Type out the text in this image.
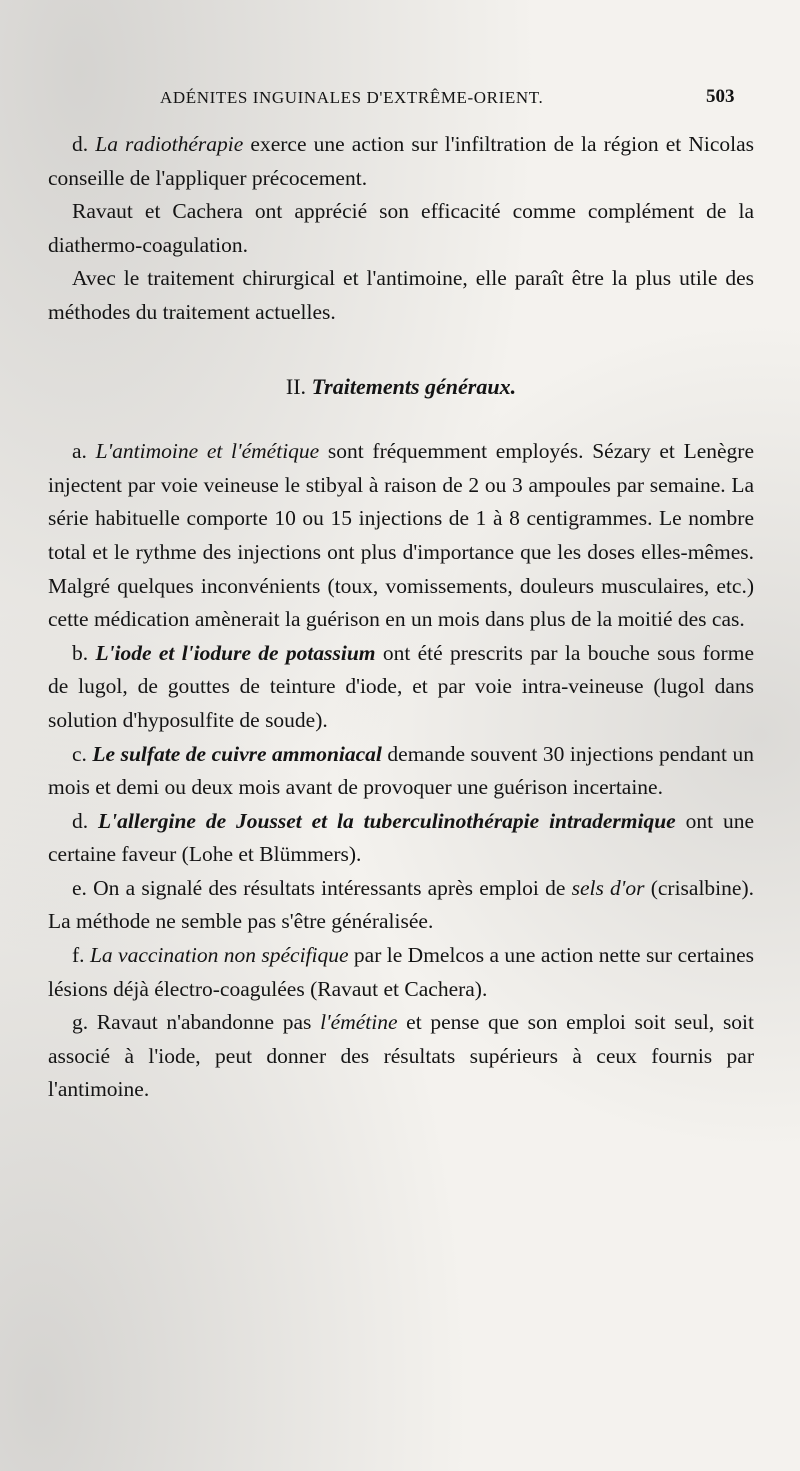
ADÉNITES INGUINALES D'EXTRÊME-ORIENT.	503

d. La radiothérapie exerce une action sur l'infiltration de la région et Nicolas conseille de l'appliquer précocement.

Ravaut et Cachera ont apprécié son efficacité comme complément de la diathermo-coagulation.

Avec le traitement chirurgical et l'antimoine, elle paraît être la plus utile des méthodes du traitement actuelles.

II. Traitements généraux.

a. L'antimoine et l'émétique sont fréquemment employés. Sézary et Lenègre injectent par voie veineuse le stibyal à raison de 2 ou 3 ampoules par semaine. La série habituelle comporte 10 ou 15 injections de 1 à 8 centigrammes. Le nombre total et le rythme des injections ont plus d'importance que les doses elles-mêmes. Malgré quelques inconvénients (toux, vomissements, douleurs musculaires, etc.) cette médication amènerait la guérison en un mois dans plus de la moitié des cas.

b. L'iode et l'iodure de potassium ont été prescrits par la bouche sous forme de lugol, de gouttes de teinture d'iode, et par voie intra-veineuse (lugol dans solution d'hyposulfite de soude).

c. Le sulfate de cuivre ammoniacal demande souvent 30 injections pendant un mois et demi ou deux mois avant de provoquer une guérison incertaine.

d. L'allergine de Jousset et la tuberculinothérapie intradermique ont une certaine faveur (Lohe et Blümmers).

e. On a signalé des résultats intéressants après emploi de sels d'or (crisalbine). La méthode ne semble pas s'être généralisée.

f. La vaccination non spécifique par le Dmelcos a une action nette sur certaines lésions déjà électro-coagulées (Ravaut et Cachera).

g. Ravaut n'abandonne pas l'émétine et pense que son emploi soit seul, soit associé à l'iode, peut donner des résultats supérieurs à ceux fournis par l'antimoine.
